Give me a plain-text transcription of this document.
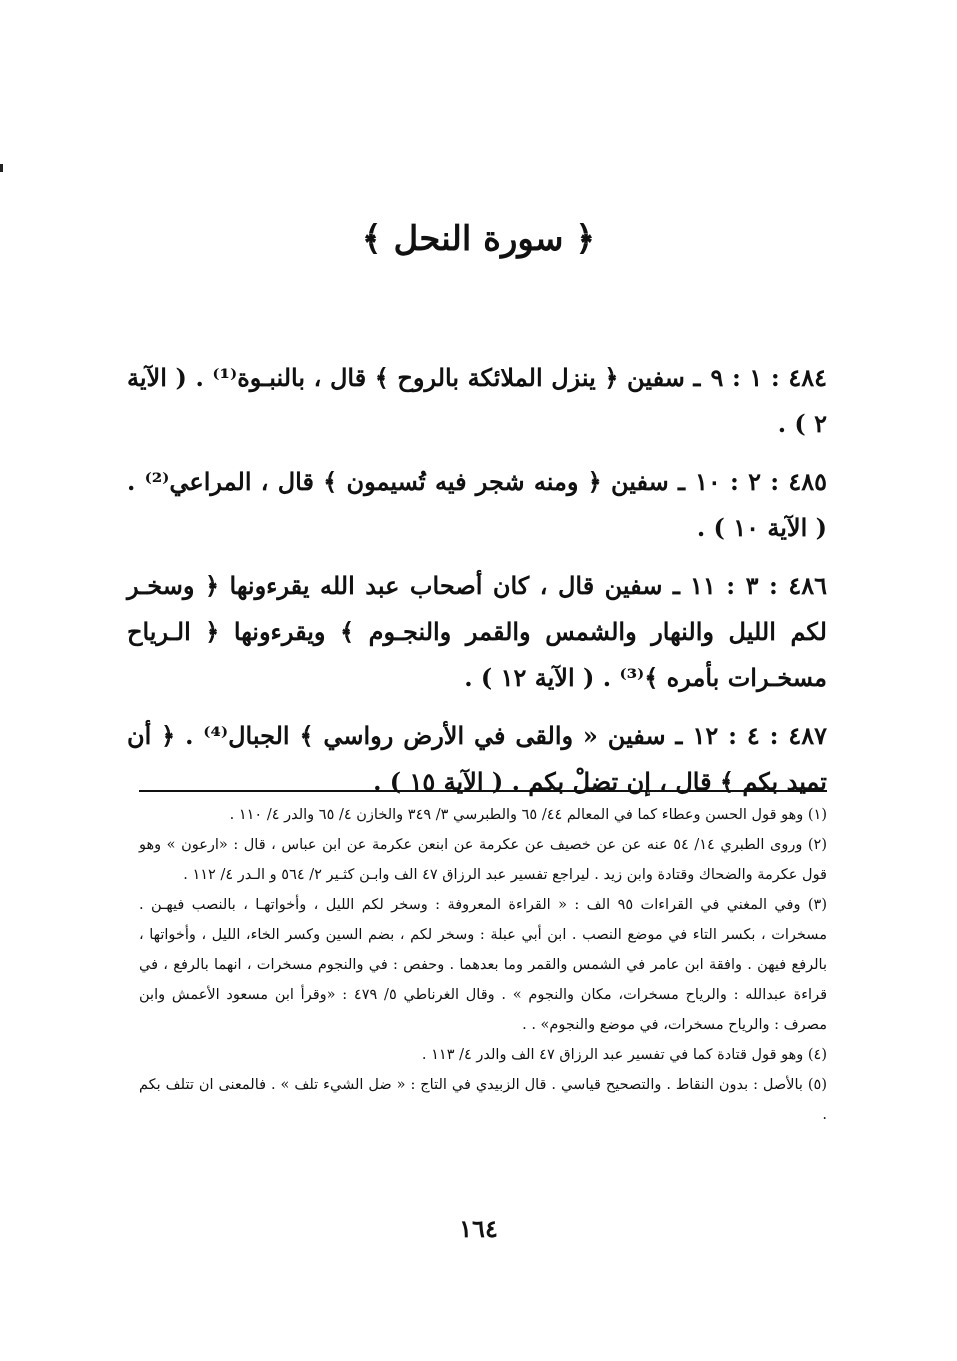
﴿ سورة النحل ﴾

٤٨٤ : ١ : ٩ـ سفين ﴿ ينزل الملائكة بالروح ﴾ قال ، بالنبـوة⁽¹⁾ . ( الآية ٢ ) .

٤٨٥ : ٢ : ١٠ـ سفين ﴿ ومنه شجر فيه تُسيمون ﴾ قال ، المراعي⁽²⁾ . ( الآية ١٠ ) .

٤٨٦ : ٣ : ١١ـ سفين قال ، كان أصحاب عبد الله يقرءونها ﴿ وسخـر لكم الليل والنهار والشمس والقمر والنجـوم ﴾ ويقرءونها ﴿ الـرياح مسخـرات بأمره ﴾⁽³⁾ . ( الآية ١٢ ) .

٤٨٧ : ٤ : ١٢ـ سفين « والقى في الأرض رواسي ﴾ الجبال⁽⁴⁾ . ﴿ أن تميد بكم ﴾ قال ، إن تضلْ بكم . ( الآية ١٥ ) .

(١) وهو قول الحسن وعطاء كما في المعالم ٤٤/ ٦٥ والطبرسي ٣/ ٣٤٩ والخازن ٤/ ٦٥ والدر ٤/ ١١٠ .

(٢) وروى الطبري ١٤/ ٥٤ عنه عن عن خصيف عن عكرمة عن ابنعن عكرمة عن ابن عباس ، قال : «ارعون » وهو قول عكرمة والضحاك وقتادة وابن زيد . ليراجع تفسير عبد الرزاق ٤٧ الف وابـن كثـير ٢/ ٥٦٤ و الـدر ٤/ ١١٢ .

(٣) وفي المغني في القراءات ٩٥ الف : « القراءة المعروفة : وسخر لكم الليل ، وأخواتهـا ، بالنصب فيهـن . مسخرات ، بكسر التاء في موضع النصب . ابن أبي عبلة : وسخر لكم ، بضم السين وكسر الخاء، الليل ، وأخواتها ، بالرفع فيهن . وافقة ابن عامر في الشمس والقمر وما بعدهما . وحفص : في والنجوم مسخرات ، انهما بالرفع ، في قراءة عبدالله : والرياح مسخرات، مكان والنجوم » . وقال الغرناطي ٥/ ٤٧٩ : «وقرأ ابن مسعود الأعمش وابن مصرف : والرياح مسخرات، في موضع والنجوم» . .

(٤) وهو قول قتادة كما في تفسير عبد الرزاق ٤٧ الف والدر ٤/ ١١٣ .

(٥) بالأصل : بدون النقاط . والتصحيح قياسي . قال الزبيدي في التاج : « ضل الشيء تلف » . فالمعنى ان تتلف بكم .

١٦٤
